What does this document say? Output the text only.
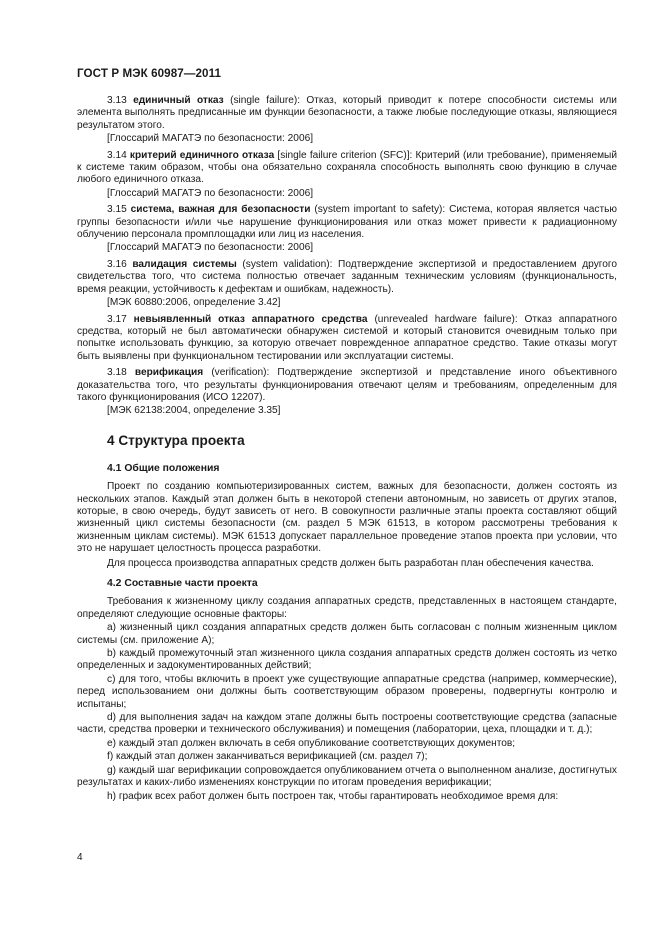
ГОСТ Р МЭК 60987—2011

3.13 единичный отказ (single failure): Отказ, который приводит к потере способности системы или элемента выполнять предписанные им функции безопасности, а также любые последующие отказы, являющиеся результатом этого.

[Глоссарий МАГАТЭ по безопасности: 2006]

3.14 критерий единичного отказа [single failure criterion (SFC)]: Критерий (или требование), применяемый к системе таким образом, чтобы она обязательно сохраняла способность выполнять свою функцию в случае любого единичного отказа.

[Глоссарий МАГАТЭ по безопасности: 2006]

3.15 система, важная для безопасности (system important to safety): Система, которая является частью группы безопасности и/или чье нарушение функционирования или отказ может привести к радиационному облучению персонала промплощадки или лиц из населения.

[Глоссарий МАГАТЭ по безопасности: 2006]

3.16 валидация системы (system validation): Подтверждение экспертизой и предоставлением другого свидетельства того, что система полностью отвечает заданным техническим условиям (функциональность, время реакции, устойчивость к дефектам и ошибкам, надежность).

[МЭК 60880:2006, определение 3.42]

3.17 невыявленный отказ аппаратного средства (unrevealed hardware failure): Отказ аппаратного средства, который не был автоматически обнаружен системой и который становится очевидным только при попытке использовать функцию, за которую отвечает поврежденное аппаратное средство. Такие отказы могут быть выявлены при функциональном тестировании или эксплуатации системы.

3.18 верификация (verification): Подтверждение экспертизой и представление иного объективного доказательства того, что результаты функционирования отвечают целям и требованиям, определенным для такого функционирования (ИСО 12207).

[МЭК 62138:2004, определение 3.35]

4 Структура проекта
4.1 Общие положения

Проект по созданию компьютеризированных систем, важных для безопасности, должен состоять из нескольких этапов. Каждый этап должен быть в некоторой степени автономным, но зависеть от других этапов, которые, в свою очередь, будут зависеть от него. В совокупности различные этапы проекта составляют общий жизненный цикл системы безопасности (см. раздел 5 МЭК 61513, в котором рассмотрены требования к жизненным циклам системы). МЭК 61513 допускает параллельное проведение этапов проекта при условии, что это не нарушает целостность процесса разработки.

Для процесса производства аппаратных средств должен быть разработан план обеспечения качества.

4.2 Составные части проекта

Требования к жизненному циклу создания аппаратных средств, представленных в настоящем стандарте, определяют следующие основные факторы:

а) жизненный цикл создания аппаратных средств должен быть согласован с полным жизненным циклом системы (см. приложение А);

b) каждый промежуточный этап жизненного цикла создания аппаратных средств должен состоять из четко определенных и задокументированных действий;

c) для того, чтобы включить в проект уже существующие аппаратные средства (например, коммерческие), перед использованием они должны быть соответствующим образом проверены, подвергнуты контролю и испытаны;

d) для выполнения задач на каждом этапе должны быть построены соответствующие средства (запасные части, средства проверки и технического обслуживания) и помещения (лаборатории, цеха, площадки и т. д.);

e) каждый этап должен включать в себя опубликование соответствующих документов;

f) каждый этап должен заканчиваться верификацией (см. раздел 7);

g) каждый шаг верификации сопровождается опубликованием отчета о выполненном анализе, достигнутых результатах и каких-либо изменениях конструкции по итогам проведения верификации;

h) график всех работ должен быть построен так, чтобы гарантировать необходимое время для:

4
